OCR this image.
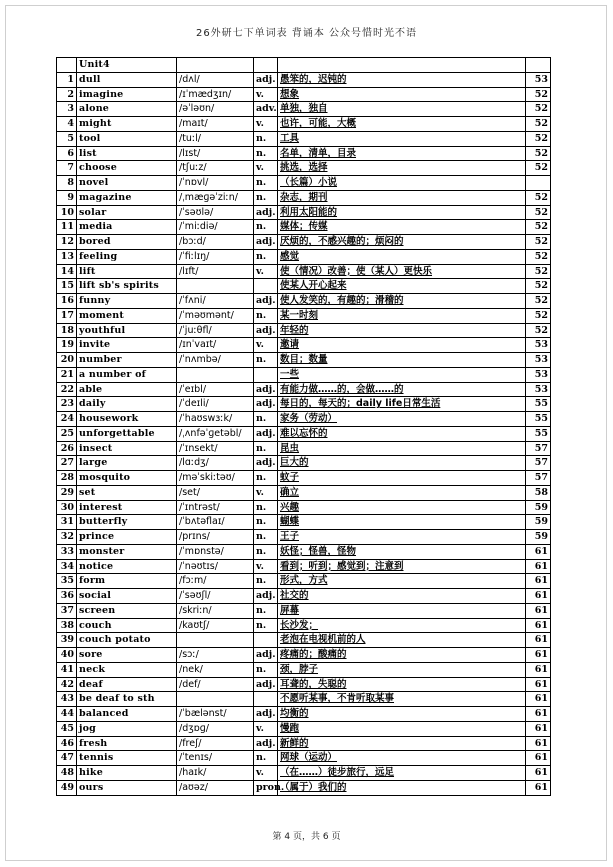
26外研七下单词表 背诵本 公众号惜时光不语
	Unit4				
1	dull	/dʌl/	adj.	愚笨的，迟钝的	53
2	imagine	/ɪˈmædʒɪn/	v.	想象	52
3	alone	/əˈləʊn/	adv.	单独，独自	52
4	might	/maɪt/	v.	也许，可能，大概	52
5	tool	/tuːl/	n.	工具	52
6	list	/lɪst/	n.	名单，清单，目录	52
7	choose	/tʃuːz/	v.	挑选，选择	52
8	novel	/ˈnɒvl/	n.	（长篇）小说	
9	magazine	/ˌmæɡəˈziːn/	n.	杂志，期刊	52
10	solar	/ˈsəʊlə/	adj.	利用太阳能的	52
11	media	/ˈmiːdiə/	n.	媒体；传媒	52
12	bored	/bɔːd/	adj.	厌烦的，不感兴趣的；烦闷的	52
13	feeling	/ˈfiːlɪŋ/	n.	感觉	52
14	lift	/lɪft/	v.	使（情况）改善；使（某人）更快乐	52
15	lift sb's spirits			使某人开心起来	52
16	funny	/ˈfʌni/	adj.	使人发笑的，有趣的；滑稽的	52
17	moment	/ˈməʊmənt/	n.	某一时刻	52
18	youthful	/ˈjuːθfl/	adj.	年轻的	52
19	invite	/ɪnˈvaɪt/	v.	邀请	53
20	number	/ˈnʌmbə/	n.	数目；数量	53
21	a number of			一些	53
22	able	/ˈeɪbl/	adj.	有能力做……的，会做……的	53
23	daily	/ˈdeɪli/	adj.	每日的，每天的；daily life日常生活	55
24	housework	/ˈhaʊswɜːk/	n.	家务（劳动）	55
25	unforgettable	/ˌʌnfəˈɡetəbl/	adj.	难以忘怀的	55
26	insect	/ˈɪnsekt/	n.	昆虫	57
27	large	/lɑːdʒ/	adj.	巨大的	57
28	mosquito	/məˈskiːtəʊ/	n.	蚊子	57
29	set	/set/	v.	确立	58
30	interest	/ˈɪntrəst/	n.	兴趣	59
31	butterfly	/ˈbʌtəflaɪ/	n.	蝴蝶	59
32	prince	/prɪns/	n.	王子	59
33	monster	/ˈmɒnstə/	n.	妖怪；怪兽，怪物	61
34	notice	/ˈnəʊtɪs/	v.	看到；听到；感觉到；注意到	61
35	form	/fɔːm/	n.	形式，方式	61
36	social	/ˈsəʊʃl/	adj.	社交的	61
37	screen	/skriːn/	n.	屏幕	61
38	couch	/kaʊtʃ/	n.	长沙发；	61
39	couch potato			老泡在电视机前的人	61
40	sore	/sɔː/	adj.	疼痛的；酸痛的	61
41	neck	/nek/	n.	颈，脖子	61
42	deaf	/def/	adj.	耳聋的，失聪的	61
43	be deaf to sth			不愿听某事，不肯听取某事	61
44	balanced	/ˈbælənst/	adj.	均衡的	61
45	jog	/dʒɒɡ/	v.	慢跑	61
46	fresh	/freʃ/	adj.	新鲜的	61
47	tennis	/ˈtenɪs/	n.	网球（运动）	61
48	hike	/haɪk/	v.	（在……）徒步旅行，远足	61
49	ours	/aʊəz/	pron.	（属于）我们的	61
第 4 页，共 6 页
